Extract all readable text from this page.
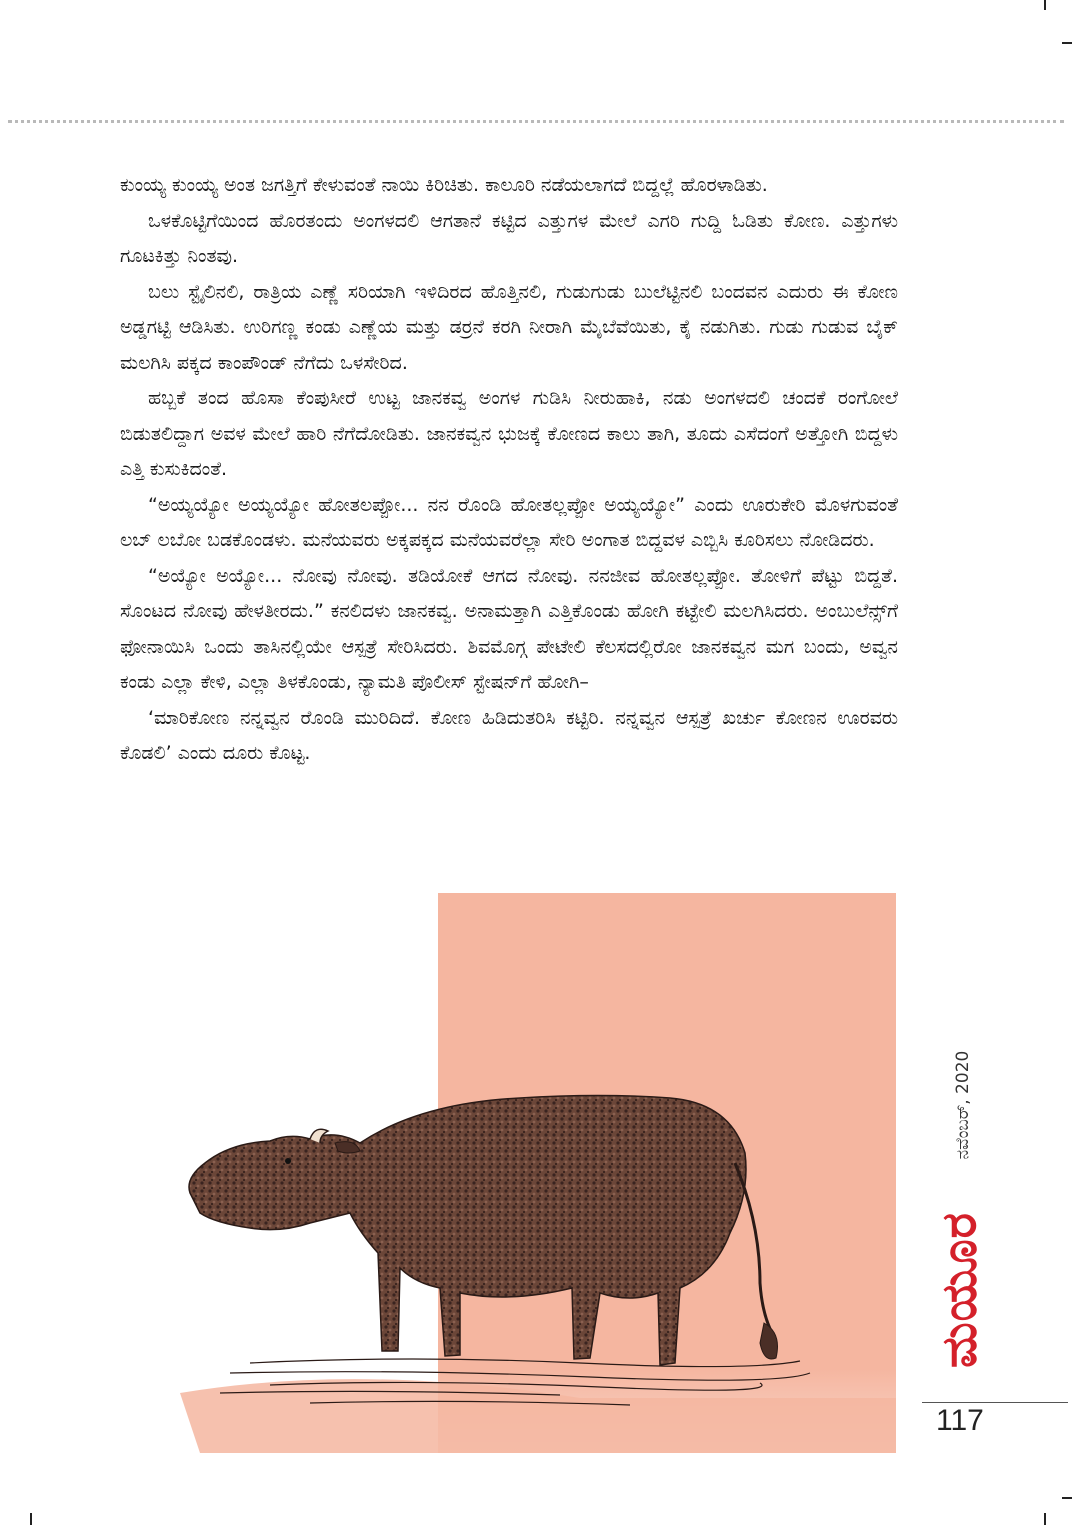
ಕುಂಯ್ಯ ಕುಂಯ್ಯ ಅಂತ ಜಗತ್ತಿಗೆ ಕೇಳುವಂತೆ ನಾಯಿ ಕಿರಿಚಿತು. ಕಾಲೂರಿ ನಡೆಯಲಾಗದೆ ಬಿದ್ದಲ್ಲೆ ಹೊರಳಾಡಿತು.

ಒಳಕೊಟ್ಟಿಗೆಯಿಂದ ಹೊರತಂದು ಅಂಗಳದಲಿ ಆಗತಾನೆ ಕಟ್ಟಿದ ಎತ್ತುಗಳ ಮೇಲೆ ಎಗರಿ ಗುದ್ದಿ ಓಡಿತು ಕೋಣ. ಎತ್ತುಗಳು ಗೂಟಕಿತ್ತು ನಿಂತವು.

ಬಲು ಸ್ಟೈಲಿನಲಿ, ರಾತ್ರಿಯ ಎಣ್ಣೆ ಸರಿಯಾಗಿ ಇಳಿದಿರದ ಹೊತ್ತಿನಲಿ, ಗುಡುಗುಡು ಬುಲೆಟ್ಟಿನಲಿ ಬಂದವನ ಎದುರು ಈ ಕೋಣ ಅಡ್ಡಗಟ್ಟಿ ಆಡಿಸಿತು. ಉರಿಗಣ್ಣ ಕಂಡು ಎಣ್ಣೆಯ ಮತ್ತು ಡರ್ರನೆ ಕರಗಿ ನೀರಾಗಿ ಮೈಬೆವೆಯಿತು, ಕೈ ನಡುಗಿತು. ಗುಡು ಗುಡುವ ಬೈಕ್ ಮಲಗಿಸಿ ಪಕ್ಕದ ಕಾಂಪೌಂಡ್ ನೆಗೆದು ಒಳಸೇರಿದ.

ಹಬ್ಬಕೆ ತಂದ ಹೊಸಾ ಕೆಂಪುಸೀರೆ ಉಟ್ಟ ಜಾನಕವ್ವ ಅಂಗಳ ಗುಡಿಸಿ ನೀರುಹಾಕಿ, ನಡು ಅಂಗಳದಲಿ ಚಂದಕೆ ರಂಗೋಲೆ ಬಿಡುತಲಿದ್ದಾಗ ಅವಳ ಮೇಲೆ ಹಾರಿ ನೆಗೆದೋಡಿತು. ಜಾನಕವ್ವನ ಭುಜಕ್ಕೆ ಕೋಣದ ಕಾಲು ತಾಗಿ, ತೂದು ಎಸೆದಂಗೆ ಅತ್ತೋಗಿ ಬಿದ್ದಳು ಎತ್ತಿ ಕುಸುಕಿದಂತೆ.

“ಅಯ್ಯಯ್ಯೋ ಅಯ್ಯಯ್ಯೋ ಹೋತಲಪ್ಪೋ... ನನ ರೊಂಡಿ ಹೋತಲ್ಲಪ್ಪೋ ಅಯ್ಯಯ್ಯೋ” ಎಂದು ಊರುಕೇರಿ ಮೊಳಗುವಂತೆ ಲಬ್ ಲಬೋ ಬಡಕೊಂಡಳು. ಮನೆಯವರು ಅಕ್ಕಪಕ್ಕದ ಮನೆಯವರೆಲ್ಲಾ ಸೇರಿ ಅಂಗಾತ ಬಿದ್ದವಳ ಎಬ್ಬಿಸಿ ಕೂರಿಸಲು ನೋಡಿದರು.

“ಅಯ್ಯೋ ಅಯ್ಯೋ... ನೋವು ನೋವು. ತಡಿಯೋಕೆ ಆಗದ ನೋವು. ನನಜೀವ ಹೋತಲ್ಲಪ್ಪೋ. ತೋಳಿಗೆ ಪೆಟ್ಟು ಬಿದ್ದತೆ. ಸೊಂಟದ ನೋವು ಹೇಳತೀರದು.” ಕನಲಿದಳು ಜಾನಕವ್ವ. ಅನಾಮತ್ತಾಗಿ ಎತ್ತಿಕೊಂಡು ಹೋಗಿ ಕಟ್ಟೇಲಿ ಮಲಗಿಸಿದರು. ಅಂಬುಲೆನ್ಸ್‌ಗೆ ಫೋನಾಯಿಸಿ ಒಂದು ತಾಸಿನಲ್ಲಿಯೇ ಆಸ್ಪತ್ರೆ ಸೇರಿಸಿದರು. ಶಿವಮೊಗ್ಗ ಪೇಟೇಲಿ ಕೆಲಸದಲ್ಲಿರೋ ಜಾನಕವ್ವನ ಮಗ ಬಂದು, ಅವ್ವನ ಕಂಡು ಎಲ್ಲಾ ಕೇಳಿ, ಎಲ್ಲಾ ತಿಳಕೊಂಡು, ನ್ಯಾಮತಿ ಪೊಲೀಸ್ ಸ್ಟೇಷನ್‌ಗೆ ಹೋಗಿ–

‘ಮಾರಿಕೋಣ ನನ್ನವ್ವನ ರೊಂಡಿ ಮುರಿದಿದೆ. ಕೋಣ ಹಿಡಿದುತರಿಸಿ ಕಟ್ಟಿರಿ. ನನ್ನವ್ವನ ಆಸ್ಪತ್ರೆ ಖರ್ಚು ಕೋಣನ ಊರವರು ಕೊಡಲಿ’ ಎಂದು ದೂರು ಕೊಟ್ಟ.

ನವೆಂಬರ್, 2020
ಮಯೂರ
117
